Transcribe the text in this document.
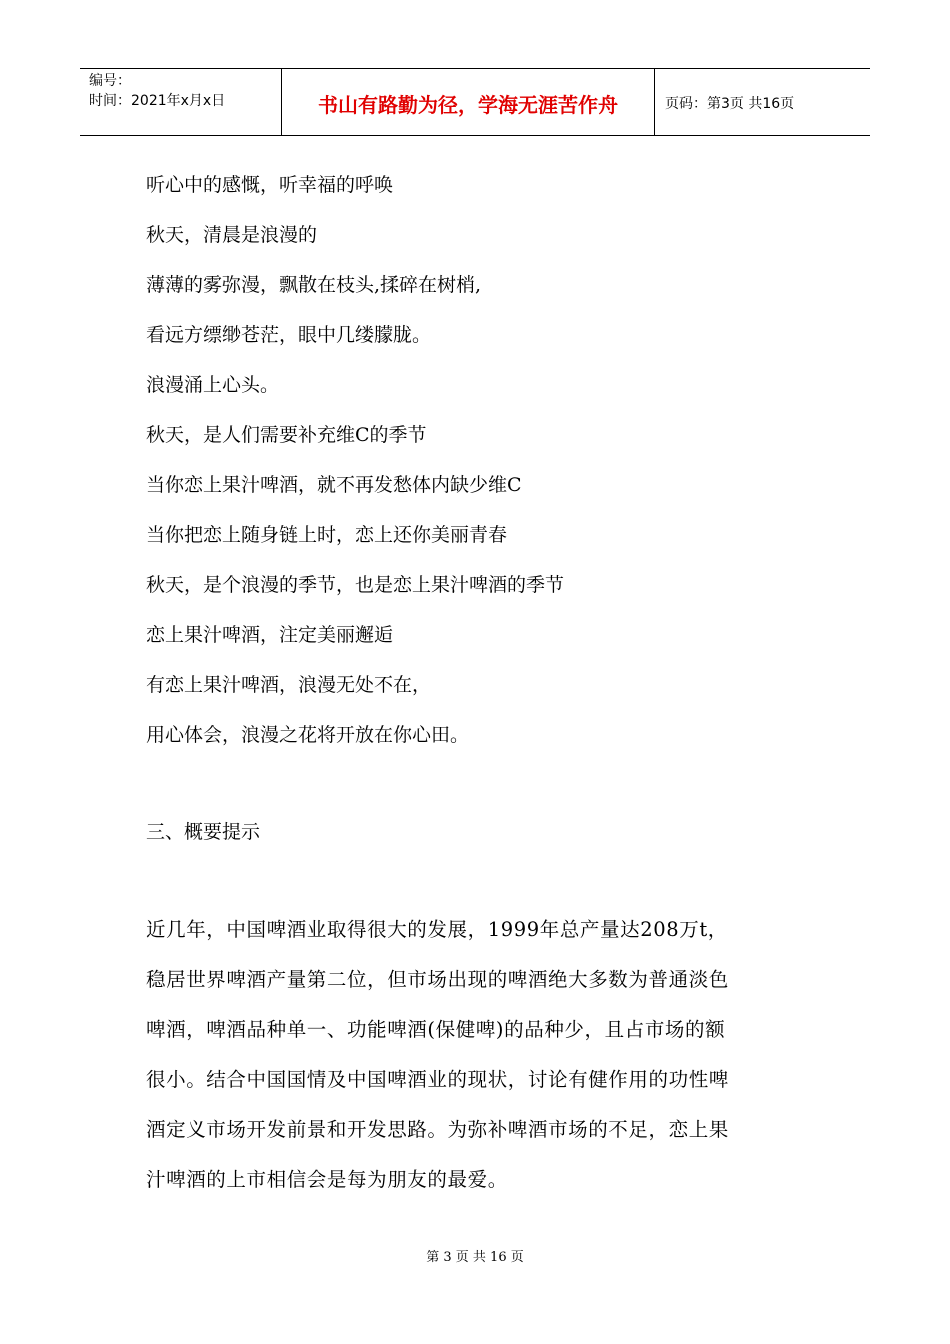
编号：
时间：2021年x月x日	书山有路勤为径，学海无涯苦作舟	页码：第3页 共16页
听心中的感慨，听幸福的呼唤
秋天，清晨是浪漫的
薄薄的雾弥漫，飘散在枝头,揉碎在树梢,
看远方缥缈苍茫，眼中几缕朦胧。
浪漫涌上心头。
秋天，是人们需要补充维C的季节
当你恋上果汁啤酒，就不再发愁体内缺少维C
当你把恋上随身链上时，恋上还你美丽青春
秋天，是个浪漫的季节，也是恋上果汁啤酒的季节
恋上果汁啤酒，注定美丽邂逅
有恋上果汁啤酒，浪漫无处不在，
用心体会，浪漫之花将开放在你心田。
三、概要提示
近几年，中国啤酒业取得很大的发展，1999年总产量达208万t，
稳居世界啤酒产量第二位，但市场出现的啤酒绝大多数为普通淡色
啤酒，啤酒品种单一、功能啤酒(保健啤)的品种少，且占市场的额
很小。结合中国国情及中国啤酒业的现状，讨论有健作用的功性啤
酒定义市场开发前景和开发思路。为弥补啤酒市场的不足，恋上果
汁啤酒的上市相信会是每为朋友的最爱。
第 3 页 共 16 页
